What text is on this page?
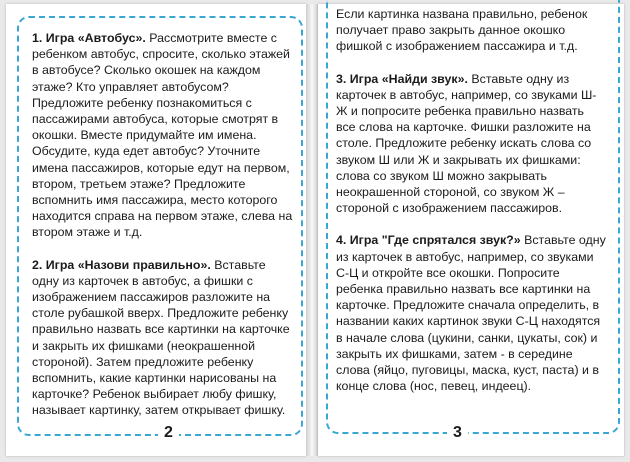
1. Игра «Автобус». Рассмотрите вместе с ребенком автобус, спросите, сколько этажей в автобусе? Сколько окошек на каждом этаже? Кто управляет автобусом? Предложите ребенку познакомиться с пассажирами автобуса, которые смотрят в окошки. Вместе придумайте им имена. Обсудите, куда едет автобус? Уточните имена пассажиров, которые едут на первом, втором, третьем этаже? Предложите вспомнить имя пассажира, место которого находится справа на первом этаже, слева на втором этаже и т.д.

2. Игра «Назови правильно». Вставьте одну из карточек в автобус, а фишки с изображением пассажиров разложите на столе рубашкой вверх. Предложите ребенку правильно назвать все картинки на карточке и закрыть их фишками (неокрашенной стороной). Затем предложите ребенку вспомнить, какие картинки нарисованы на карточке? Ребенок выбирает любу фишку, называет картинку, затем открывает фишку.

2

Если картинка названа правильно, ребенок получает право закрыть данное окошко фишкой с изображением пассажира и т.д.

3. Игра «Найди звук». Вставьте одну из карточек в автобус, например, со звуками Ш-Ж и попросите ребенка правильно назвать все слова на карточке. Фишки разложите на столе. Предложите ребенку искать слова со звуком Ш или Ж и закрывать их фишками: слова со звуком Ш можно закрывать неокрашенной стороной, со звуком Ж – стороной с изображением пассажиров.

4. Игра "Где спрятался звук?» Вставьте одну из карточек в автобус, например, со звуками С-Ц и откройте все окошки. Попросите ребенка правильно назвать все картинки на карточке. Предложите сначала определить, в названии каких картинок звуки С-Ц находятся в начале слова (цукини, санки, цукаты, сок) и закрыть их фишками, затем - в середине слова (яйцо, пуговицы, маска, куст, паста) и в конце слова (нос, певец, индеец).

3
